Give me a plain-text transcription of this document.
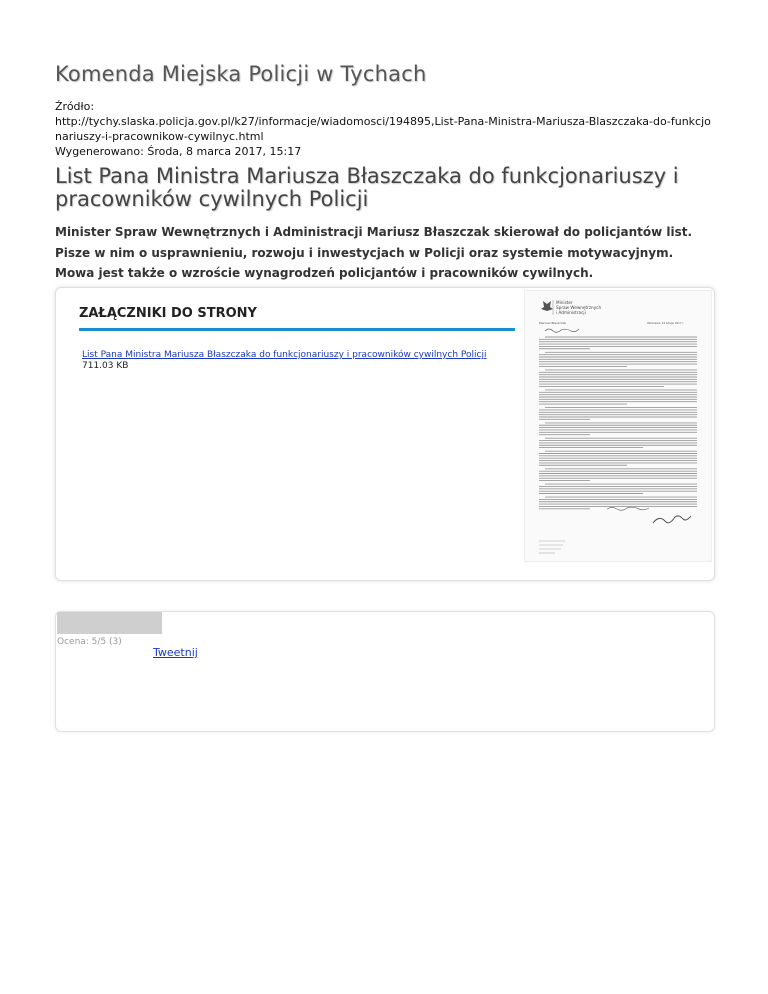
Komenda Miejska Policji w Tychach
Źródło:
http://tychy.slaska.policja.gov.pl/k27/informacje/wiadomosci/194895,List-Pana-Ministra-Mariusza-Blaszczaka-do-funkcjonariuszy-i-pracownikow-cywilnyc.html
Wygenerowano: Środa, 8 marca 2017, 15:17
List Pana Ministra Mariusza Błaszczaka do funkcjonariuszy i pracowników cywilnych Policji
Minister Spraw Wewnętrznych i Administracji Mariusz Błaszczak skierował do policjantów list. Pisze w nim o usprawnieniu, rozwoju i inwestycjach w Policji oraz systemie motywacyjnym. Mowa jest także o wzroście wynagrodzeń policjantów i pracowników cywilnych.
ZAŁĄCZNIKI DO STRONY
List Pana Ministra Mariusza Błaszczaka do funkcjonariuszy i pracowników cywilnych Policji
711.03 KB
Minister
Spraw Wewnętrznych
i Administracji
Mariusz Błaszczak	Warszawa, 24 lutego 2017 r.
Ocena: 5/5 (3)
Tweetnij
